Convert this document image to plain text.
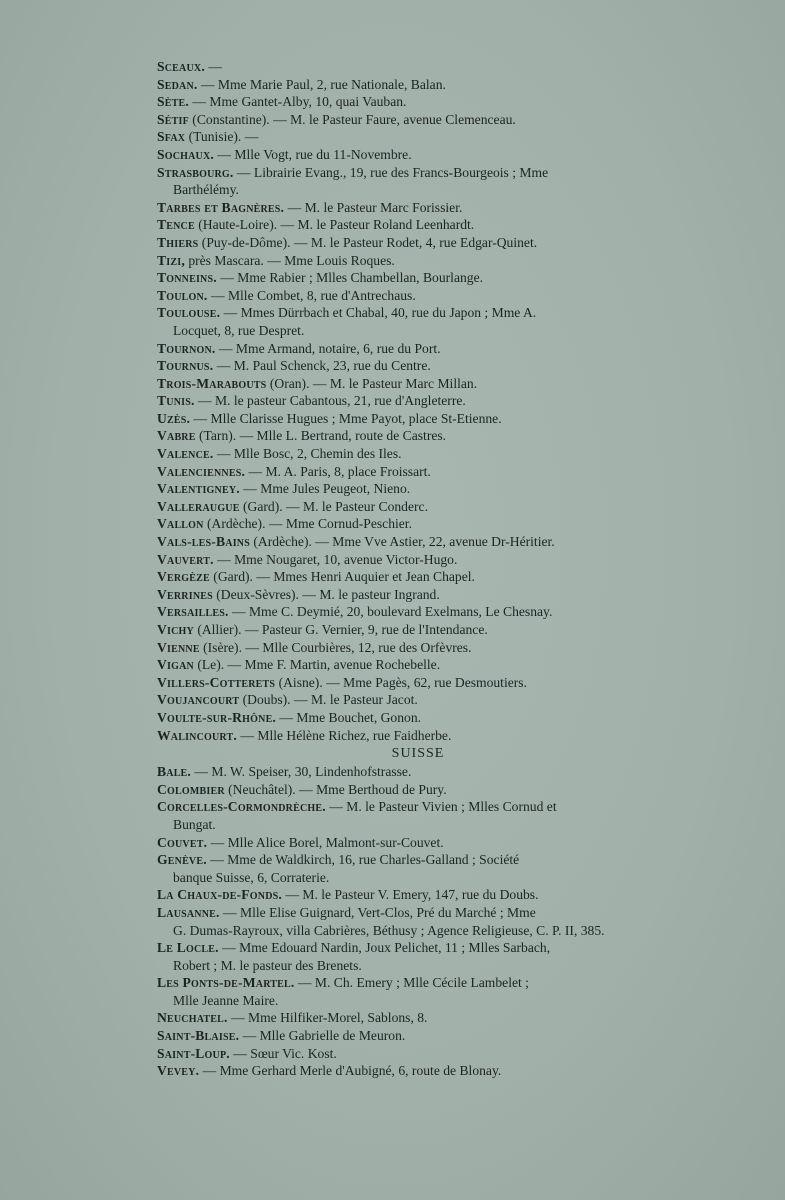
Sceaux. —

Sedan. — Mme Marie Paul, 2, rue Nationale, Balan.

Sète. — Mme Gantet-Alby, 10, quai Vauban.

Sétif (Constantine). — M. le Pasteur Faure, avenue Clemenceau.

Sfax (Tunisie). —

Sochaux. — Mlle Vogt, rue du 11-Novembre.

Strasbourg. — Librairie Evang., 19, rue des Francs-Bourgeois ; Mme
Barthélémy.

Tarbes et Bagnères. — M. le Pasteur Marc Forissier.

Tence (Haute-Loire). — M. le Pasteur Roland Leenhardt.

Thiers (Puy-de-Dôme). — M. le Pasteur Rodet, 4, rue Edgar-Quinet.

Tizi, près Mascara. — Mme Louis Roques.

Tonneins. — Mme Rabier ; Mlles Chambellan, Bourlange.

Toulon. — Mlle Combet, 8, rue d'Antrechaus.

Toulouse. — Mmes Dürrbach et Chabal, 40, rue du Japon ; Mme A.
Locquet, 8, rue Despret.

Tournon. — Mme Armand, notaire, 6, rue du Port.

Tournus. — M. Paul Schenck, 23, rue du Centre.

Trois-Marabouts (Oran). — M. le Pasteur Marc Millan.

Tunis. — M. le pasteur Cabantous, 21, rue d'Angleterre.

Uzès. — Mlle Clarisse Hugues ; Mme Payot, place St-Etienne.

Vabre (Tarn). — Mlle L. Bertrand, route de Castres.

Valence. — Mlle Bosc, 2, Chemin des Iles.

Valenciennes. — M. A. Paris, 8, place Froissart.

Valentigney. — Mme Jules Peugeot, Nieno.

Valleraugue (Gard). — M. le Pasteur Conderc.

Vallon (Ardèche). — Mme Cornud-Peschier.

Vals-les-Bains (Ardèche). — Mme Vve Astier, 22, avenue Dr-Héritier.

Vauvert. — Mme Nougaret, 10, avenue Victor-Hugo.

Vergèze (Gard). — Mmes Henri Auquier et Jean Chapel.

Verrines (Deux-Sèvres). — M. le pasteur Ingrand.

Versailles. — Mme C. Deymié, 20, boulevard Exelmans, Le Chesnay.

Vichy (Allier). — Pasteur G. Vernier, 9, rue de l'Intendance.

Vienne (Isère). — Mlle Courbières, 12, rue des Orfèvres.

Vigan (Le). — Mme F. Martin, avenue Rochebelle.

Villers-Cotterets (Aisne). — Mme Pagès, 62, rue Desmoutiers.

Voujancourt (Doubs). — M. le Pasteur Jacot.

Voulte-sur-Rhône. — Mme Bouchet, Gonon.

Walincourt. — Mlle Hélène Richez, rue Faidherbe.

SUISSE

Bale. — M. W. Speiser, 30, Lindenhofstrasse.

Colombier (Neuchâtel). — Mme Berthoud de Pury.

Corcelles-Cormondrèche. — M. le Pasteur Vivien ; Mlles Cornud et
Bungat.

Couvet. — Mlle Alice Borel, Malmont-sur-Couvet.

Genève. — Mme de Waldkirch, 16, rue Charles-Galland ; Société
banque Suisse, 6, Corraterie.

La Chaux-de-Fonds. — M. le Pasteur V. Emery, 147, rue du Doubs.

Lausanne. — Mlle Elise Guignard, Vert-Clos, Pré du Marché ; Mme
G. Dumas-Rayroux, villa Cabrières, Béthusy ; Agence Religieuse, C. P. II, 385.

Le Locle. — Mme Edouard Nardin, Joux Pelichet, 11 ; Mlles Sarbach,
Robert ; M. le pasteur des Brenets.

Les Ponts-de-Martel. — M. Ch. Emery ; Mlle Cécile Lambelet ;
Mlle Jeanne Maire.

Neuchatel. — Mme Hilfiker-Morel, Sablons, 8.

Saint-Blaise. — Mlle Gabrielle de Meuron.

Saint-Loup. — Sœur Vic. Kost.

Vevey. — Mme Gerhard Merle d'Aubigné, 6, route de Blonay.
